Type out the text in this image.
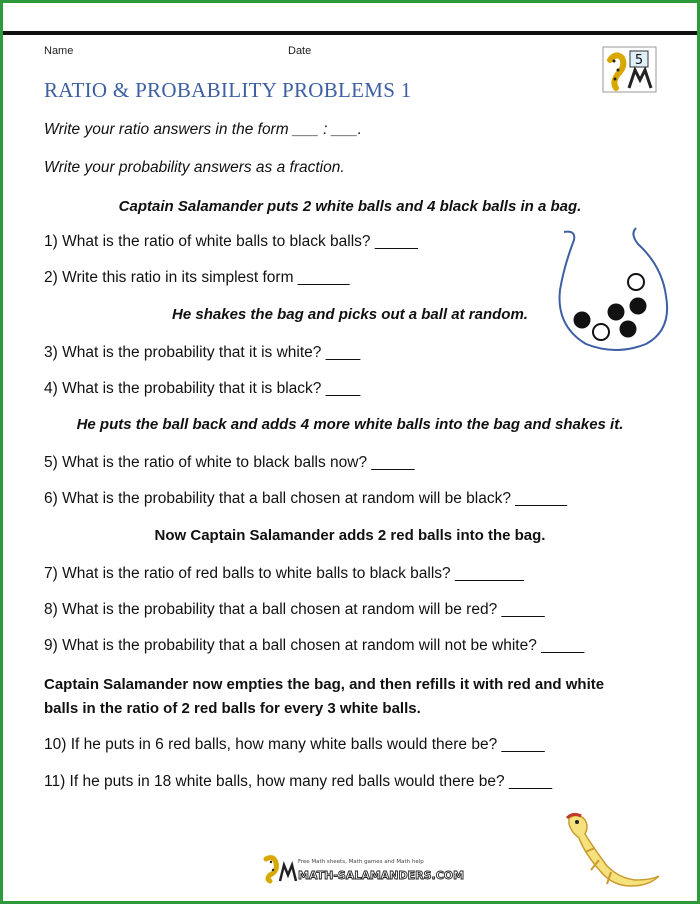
Name	Date
5
RATIO & PROBABILITY PROBLEMS 1
Write your ratio answers in the form ___ : ___.
Write your probability answers as a fraction.
Captain Salamander puts 2 white balls and 4 black balls in a bag.
1) What is the ratio of white balls to black balls? _____
2) Write this ratio in its simplest form ______
He shakes the bag and picks out a ball at random.
3) What is the probability that it is white? ____
4) What is the probability that it is black? ____
He puts the ball back and adds 4 more white balls into the bag and shakes it.
5) What is the ratio of white to black balls now? _____
6) What is the probability that a ball chosen at random will be black? ______
Now Captain Salamander adds 2 red balls into the bag.
7) What is the ratio of red balls to white balls to black balls? ________
8) What is the probability that a ball chosen at random will be red? _____
9) What is the probability that a ball chosen at random will not be white? _____
Captain Salamander now empties the bag, and then refills it with red and white
balls in the ratio of 2 red balls for every 3 white balls.
10) If he puts in 6 red balls, how many white balls would there be? _____
11) If he puts in 18 white balls, how many red balls would there be? _____
Free Math sheets, Math games and Math help
MATH-SALAMANDERS.COM
